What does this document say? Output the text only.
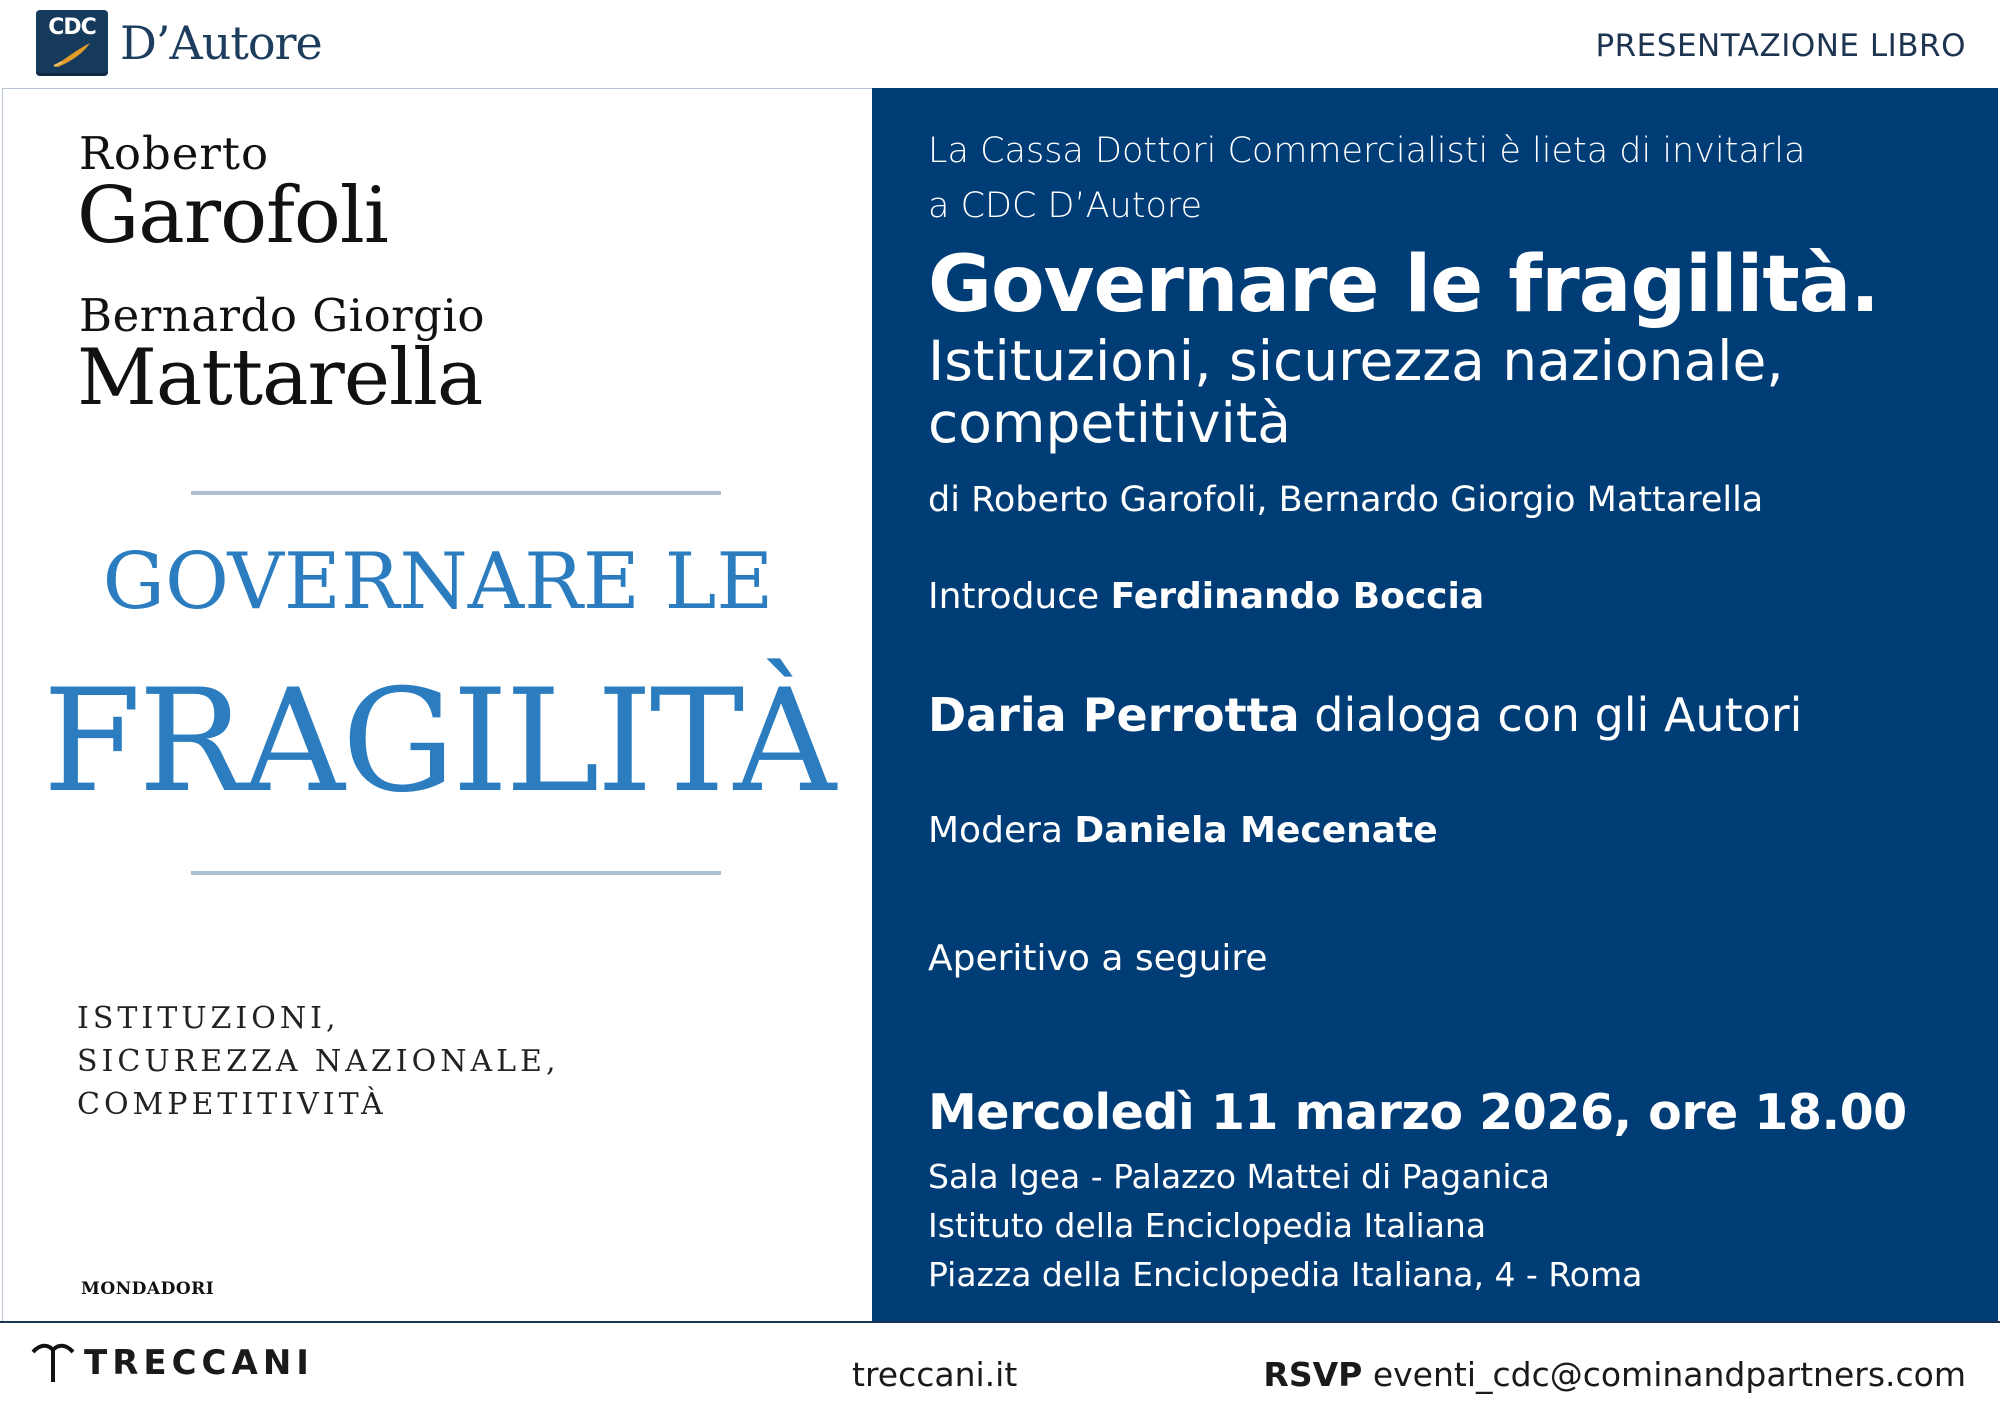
CDC D’Autore	PRESENTAZIONE LIBRO
Roberto
Garofoli
Bernardo Giorgio
Mattarella
GOVERNARE LE
FRAGILITÀ
ISTITUZIONI,
SICUREZZA NAZIONALE,
COMPETITIVITÀ
MONDADORI
La Cassa Dottori Commercialisti è lieta di invitarla
a CDC D’Autore
Governare le fragilità.
Istituzioni, sicurezza nazionale,
competitività
di Roberto Garofoli, Bernardo Giorgio Mattarella
Introduce Ferdinando Boccia
Daria Perrotta dialoga con gli Autori
Modera Daniela Mecenate
Aperitivo a seguire
Mercoledì 11 marzo 2026, ore 18.00
Sala Igea - Palazzo Mattei di Paganica
Istituto della Enciclopedia Italiana
Piazza della Enciclopedia Italiana, 4 - Roma
TRECCANI	treccani.it	RSVP eventi_cdc@cominandpartners.com
